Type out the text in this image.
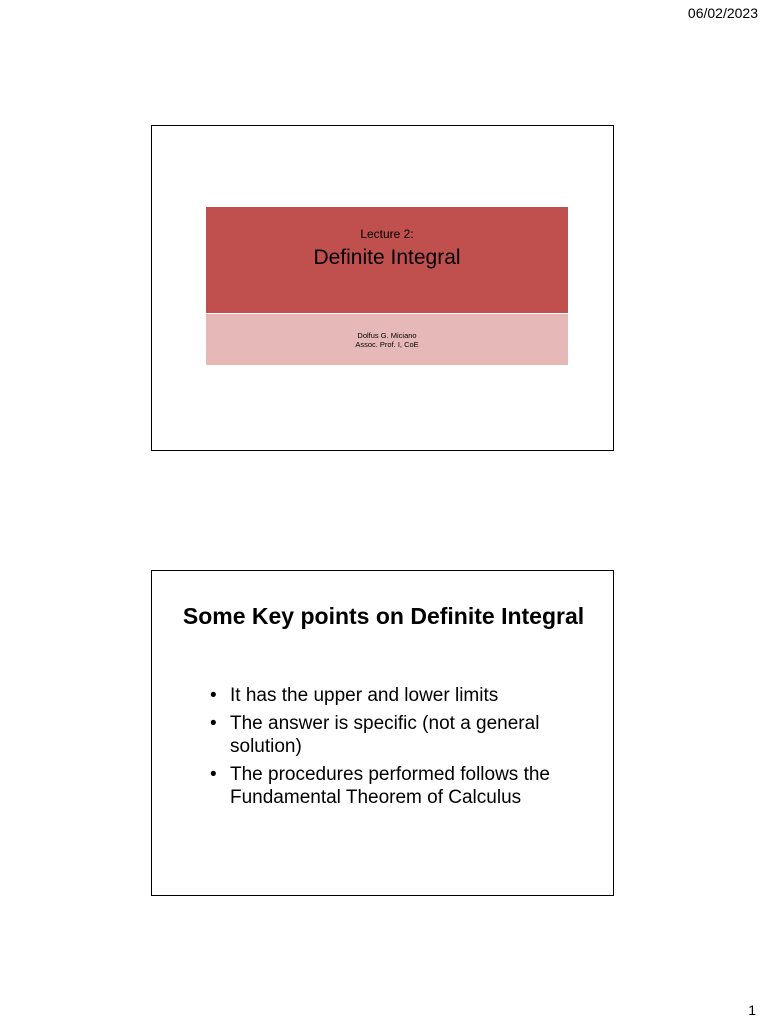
06/02/2023
Lecture 2:
Definite Integral
Dolfus G. Miciano
Assoc. Prof. I, CoE
Some Key points on Definite Integral
• It has the upper and lower limits
• The answer is specific (not a general solution)
• The procedures performed follows the Fundamental Theorem of Calculus
1
